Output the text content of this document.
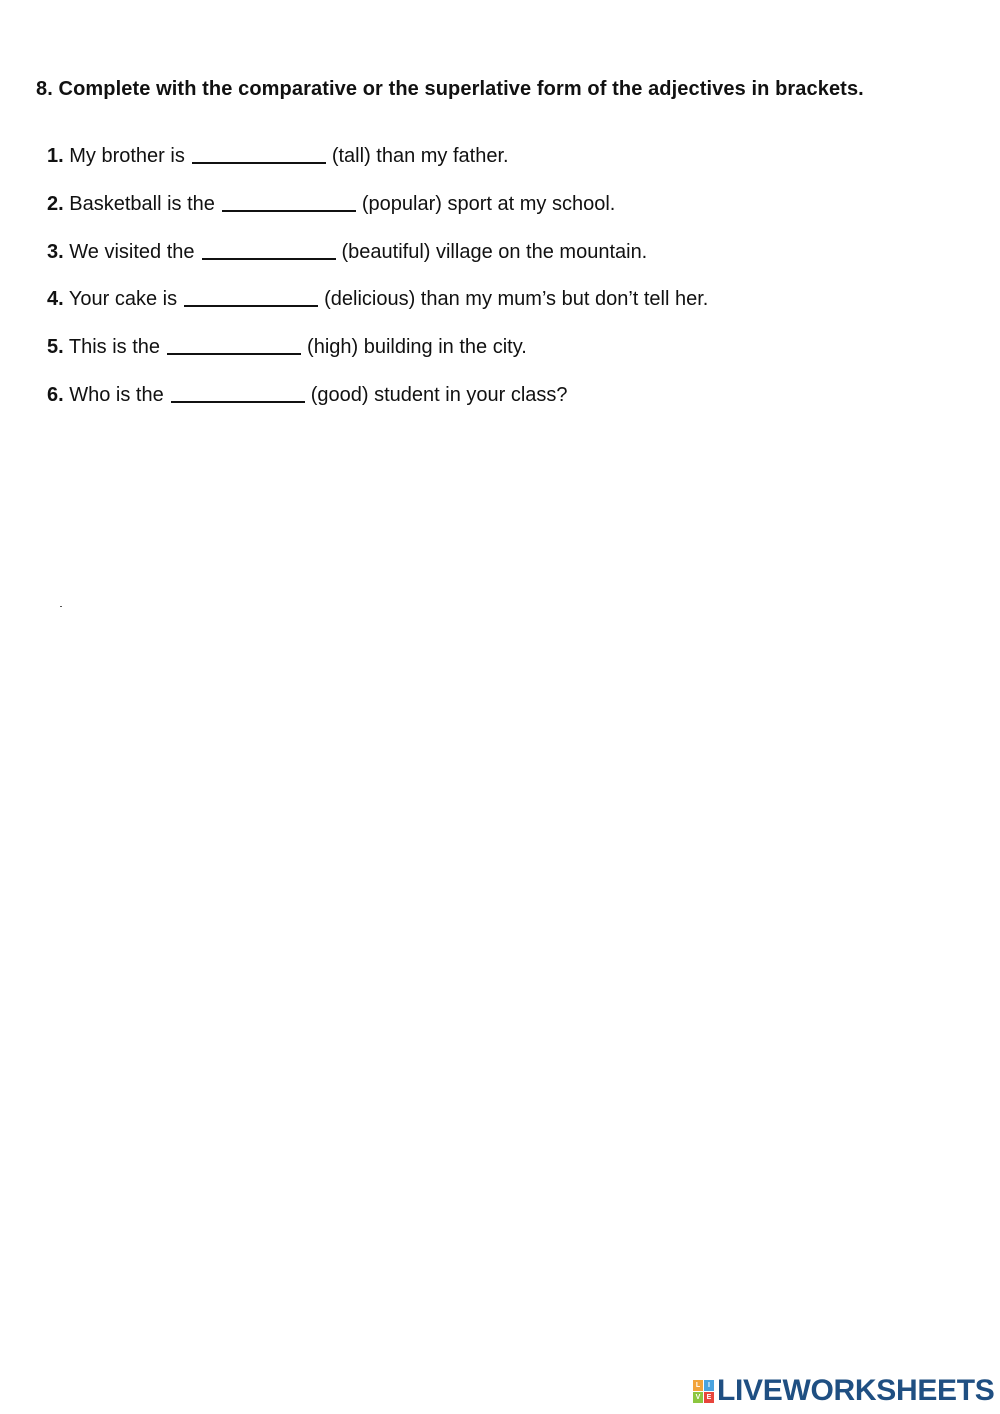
8. Complete with the comparative or the superlative form of the adjectives in brackets.
1. My brother is	(tall) than my father.
2. Basketball is the	(popular) sport at my school.
3. We visited the	(beautiful) village on the mountain.
4. Your cake is	(delicious) than my mum’s but don’t tell her.
5. This is the	(high) building in the city.
6. Who is the	(good) student in your class?
L	I
V E LIVEWORKSHEETS
